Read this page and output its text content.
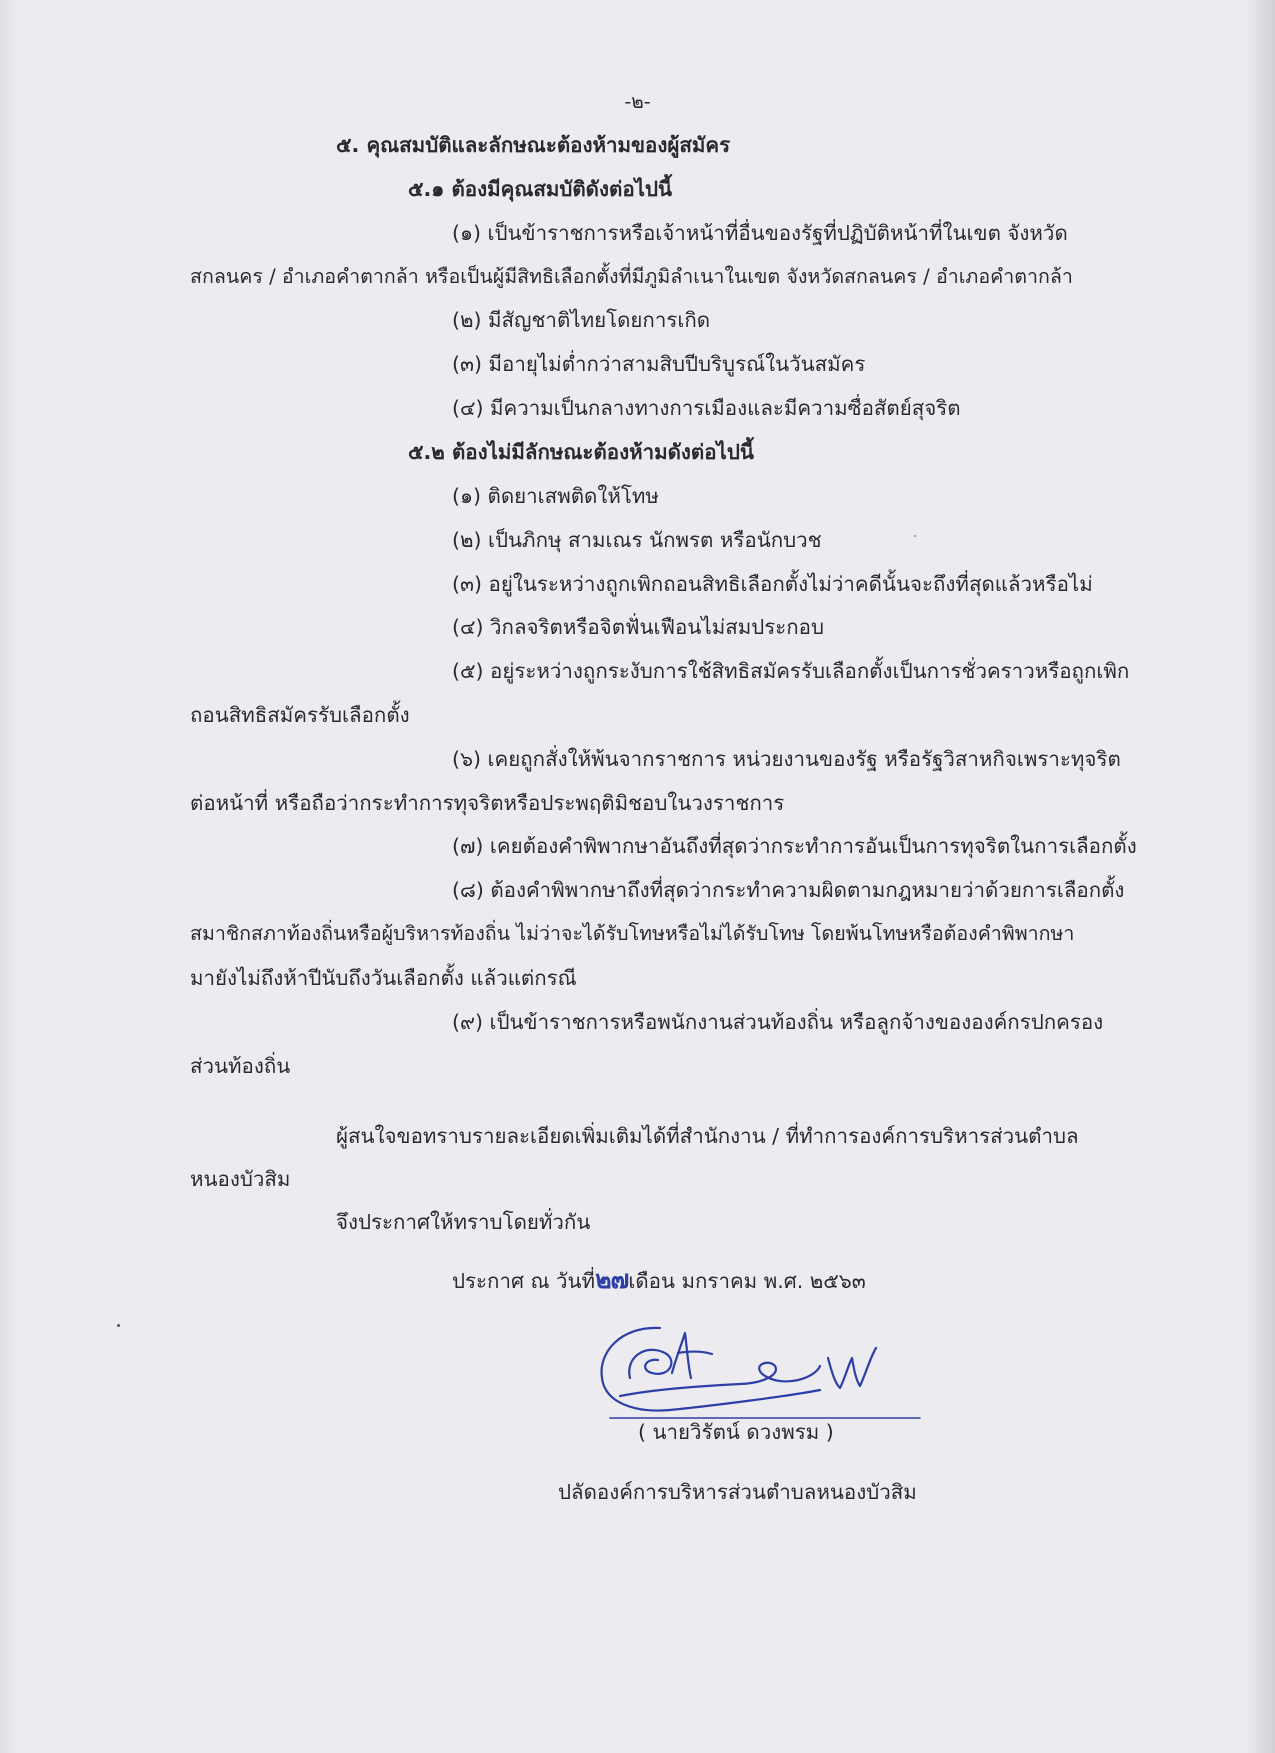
-๒-
๕. คุณสมบัติและลักษณะต้องห้ามของผู้สมัคร
๕.๑ ต้องมีคุณสมบัติดังต่อไปนี้
(๑) เป็นข้าราชการหรือเจ้าหน้าที่อื่นของรัฐที่ปฏิบัติหน้าที่ในเขต จังหวัด
สกลนคร / อำเภอคำตากล้า หรือเป็นผู้มีสิทธิเลือกตั้งที่มีภูมิลำเนาในเขต จังหวัดสกลนคร / อำเภอคำตากล้า
(๒) มีสัญชาติไทยโดยการเกิด
(๓) มีอายุไม่ต่ำกว่าสามสิบปีบริบูรณ์ในวันสมัคร
(๔) มีความเป็นกลางทางการเมืองและมีความซื่อสัตย์สุจริต
๕.๒ ต้องไม่มีลักษณะต้องห้ามดังต่อไปนี้
(๑) ติดยาเสพติดให้โทษ
(๒) เป็นภิกษุ สามเณร นักพรต หรือนักบวช
(๓) อยู่ในระหว่างถูกเพิกถอนสิทธิเลือกตั้งไม่ว่าคดีนั้นจะถึงที่สุดแล้วหรือไม่
(๔) วิกลจริตหรือจิตฟั่นเฟือนไม่สมประกอบ
(๕) อยู่ระหว่างถูกระงับการใช้สิทธิสมัครรับเลือกตั้งเป็นการชั่วคราวหรือถูกเพิก
ถอนสิทธิสมัครรับเลือกตั้ง
(๖) เคยถูกสั่งให้พ้นจากราชการ หน่วยงานของรัฐ หรือรัฐวิสาหกิจเพราะทุจริต
ต่อหน้าที่ หรือถือว่ากระทำการทุจริตหรือประพฤติมิชอบในวงราชการ
(๗) เคยต้องคำพิพากษาอันถึงที่สุดว่ากระทำการอันเป็นการทุจริตในการเลือกตั้ง
(๘) ต้องคำพิพากษาถึงที่สุดว่ากระทำความผิดตามกฎหมายว่าด้วยการเลือกตั้ง
สมาชิกสภาท้องถิ่นหรือผู้บริหารท้องถิ่น ไม่ว่าจะได้รับโทษหรือไม่ได้รับโทษ โดยพ้นโทษหรือต้องคำพิพากษา
มายังไม่ถึงห้าปีนับถึงวันเลือกตั้ง แล้วแต่กรณี
(๙) เป็นข้าราชการหรือพนักงานส่วนท้องถิ่น หรือลูกจ้างขององค์กรปกครอง
ส่วนท้องถิ่น
ผู้สนใจขอทราบรายละเอียดเพิ่มเติมได้ที่สำนักงาน / ที่ทำการองค์การบริหารส่วนตำบล
หนองบัวสิม
จึงประกาศให้ทราบโดยทั่วกัน
ประกาศ ณ วันที่๒๗เดือน มกราคม พ.ศ. ๒๕๖๓
( นายวิรัตน์ ดวงพรม )
ปลัดองค์การบริหารส่วนตำบลหนองบัวสิม
